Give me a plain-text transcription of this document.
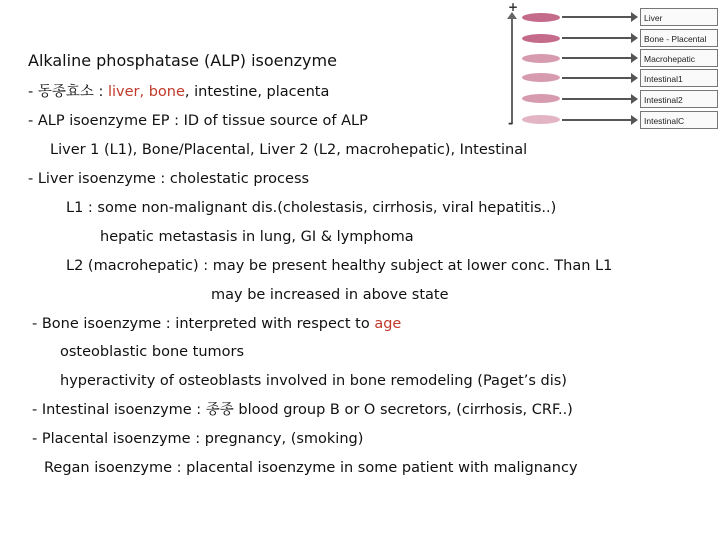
Alkaline phosphatase (ALP) isoenzyme
- 동종효소 : liver, bone, intestine, placenta
- ALP isoenzyme EP : ID of tissue source of ALP
Liver 1 (L1), Bone/Placental, Liver 2 (L2, macrohepatic), Intestinal
- Liver isoenzyme : cholestatic process
L1 : some non-malignant dis.(cholestasis, cirrhosis, viral hepatitis..)
hepatic metastasis in lung, GI & lymphoma
L2 (macrohepatic) : may be present healthy subject at lower conc. Than L1
may be increased in above state
- Bone isoenzyme : interpreted with respect to age
osteoblastic bone tumors
hyperactivity of osteoblasts involved in bone remodeling (Paget’s dis)
- Intestinal isoenzyme : 종종 blood group B or O secretors, (cirrhosis, CRF..)
- Placental isoenzyme : pregnancy, (smoking)
Regan isoenzyme : placental isoenzyme in some patient with malignancy
+
-
Liver
Bone - Placental
Macrohepatic
Intestinal1
Intestinal2
IntestinalC
